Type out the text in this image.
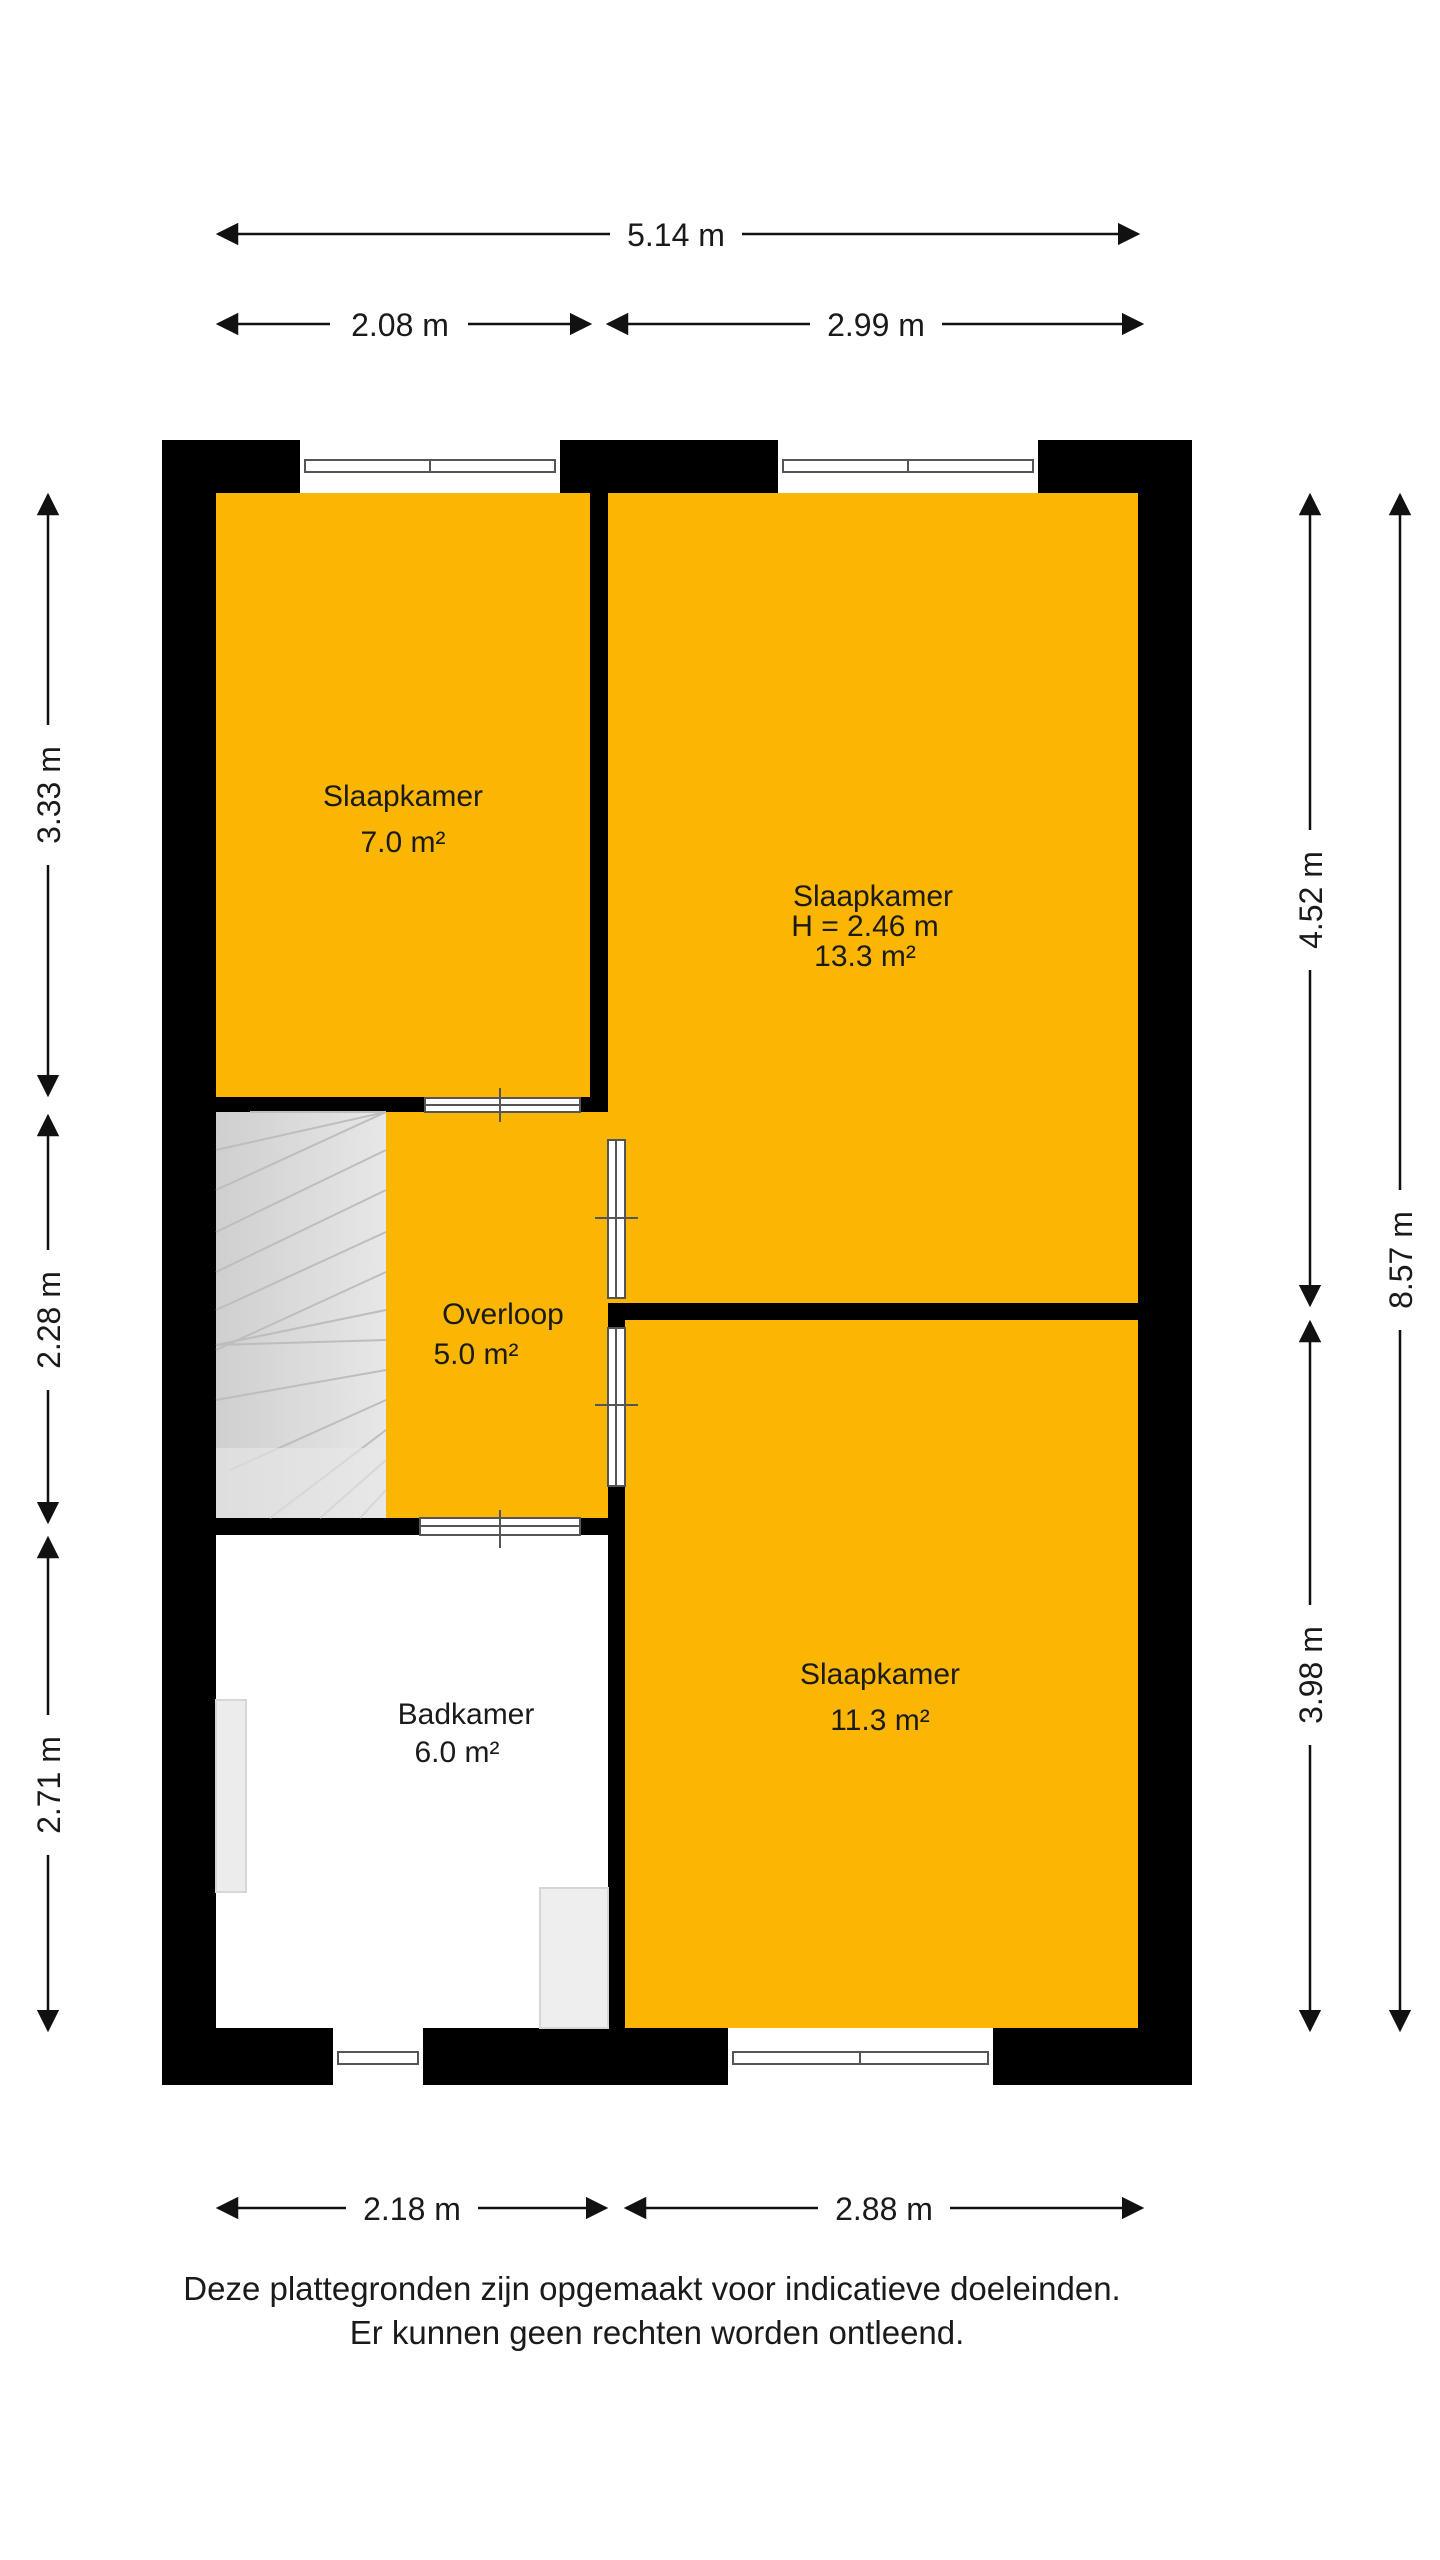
Slaapkamer
7.0 m²
Slaapkamer
H = 2.46 m
13.3 m²
Overloop
5.0 m²
Badkamer
6.0 m²
Slaapkamer
11.3 m²
5.14 m
2.08 m	2.99 m
2.18 m	2.88 m
3.33 m
2.28 m
2.71 m
4.52 m
3.98 m
8.57 m
Deze plattegronden zijn opgemaakt voor indicatieve doeleinden.
Er kunnen geen rechten worden ontleend.
